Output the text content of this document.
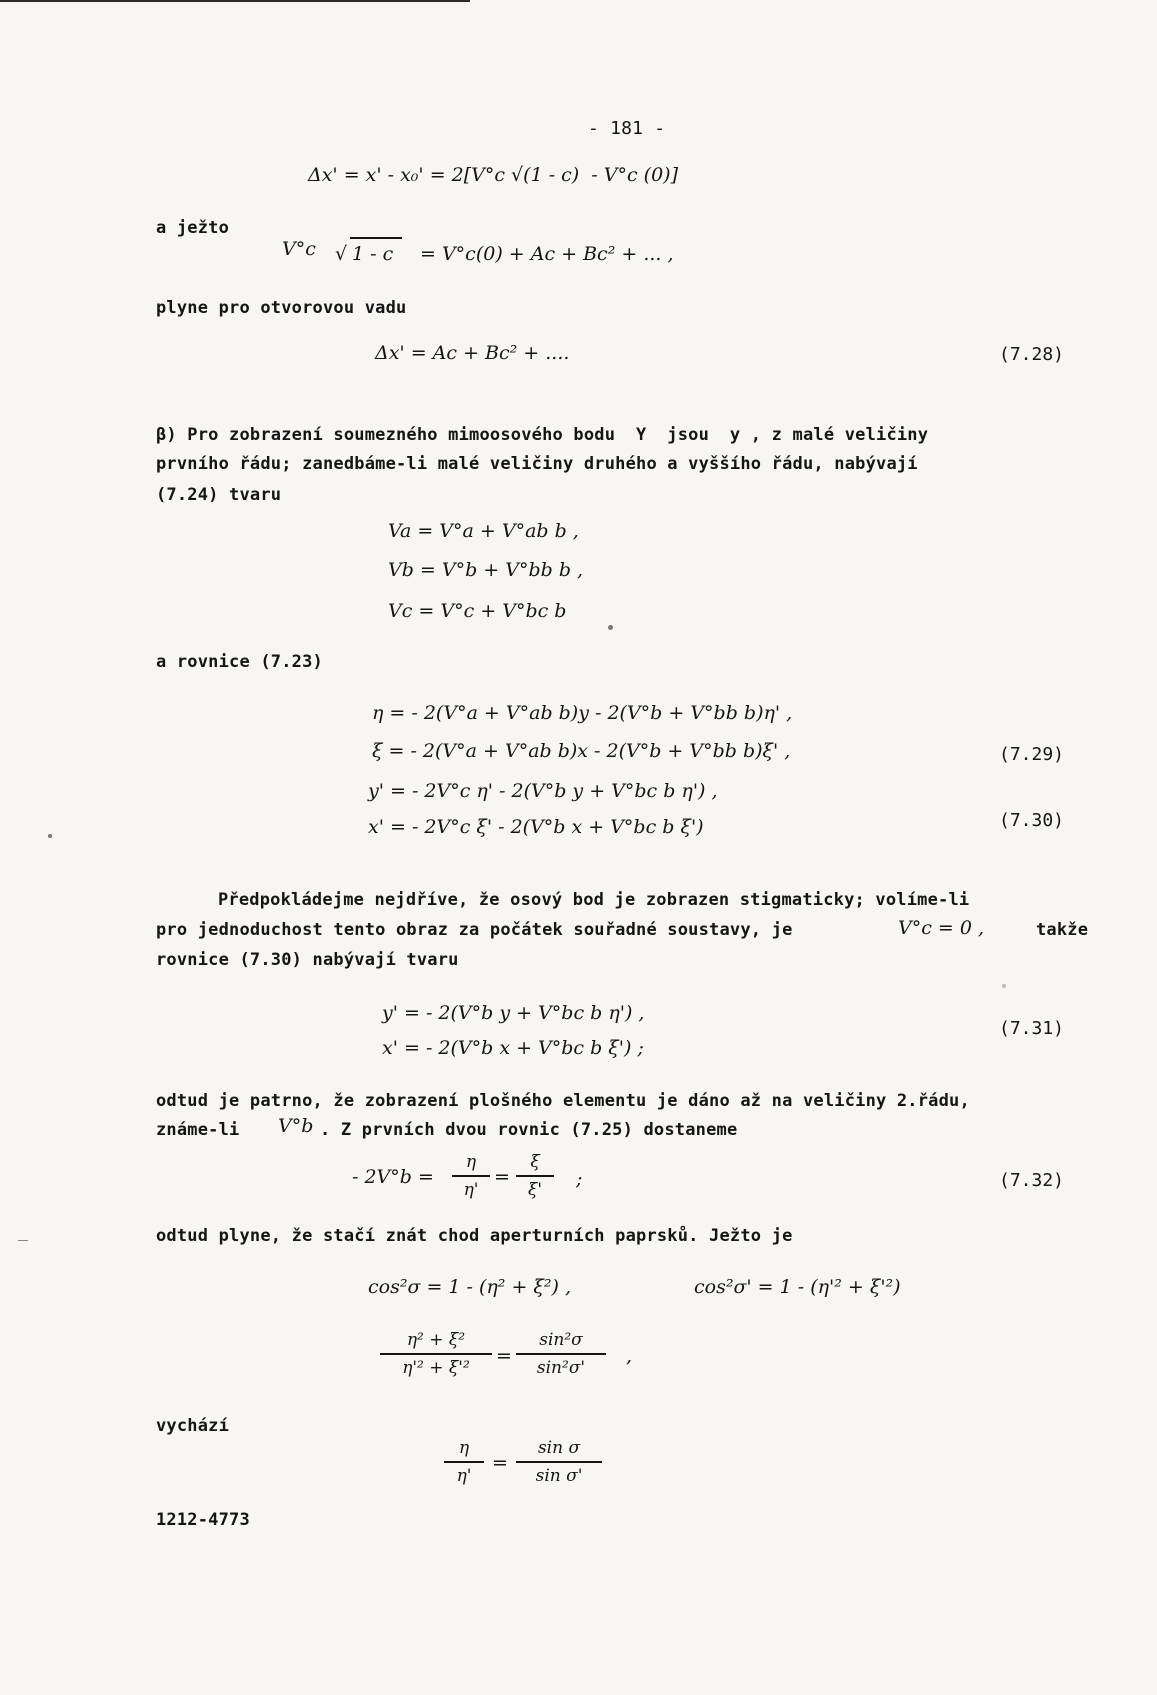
- 181 -
Δx' = x' - x₀' = 2[V°c √(1 - c)  - V°c (0)]
a ježto
V°c √ 1 - c = V°c(0) + Ac + Bc² + ... ,
plyne pro otvorovou vadu
Δx' = Ac + Bc² + ....	(7.28)
β) Pro zobrazení soumezného mimoosového bodu  Y  jsou  y , z malé veličiny
prvního řádu; zanedbáme-li malé veličiny druhého a vyššího řádu, nabývají
(7.24) tvaru
Va = V°a + V°ab b ,
Vb = V°b + V°bb b ,
Vc = V°c + V°bc b
a rovnice (7.23)
η = - 2(V°a + V°ab b)y - 2(V°b + V°bb b)η' ,
ξ = - 2(V°a + V°ab b)x - 2(V°b + V°bb b)ξ' ,	(7.29)
y' = - 2V°c η' - 2(V°b y + V°bc b η') ,
x' = - 2V°c ξ' - 2(V°b x + V°bc b ξ')	(7.30)
Předpokládejme nejdříve, že osový bod je zobrazen stigmaticky; volíme-li
pro jednoduchost tento obraz za počátek souřadné soustavy, je	V°c = 0 ,	takže
rovnice (7.30) nabývají tvaru
y' = - 2(V°b y + V°bc b η') ,
x' = - 2(V°b x + V°bc b ξ') ;
(7.31)
odtud je patrno, že zobrazení plošného elementu je dáno až na veličiny 2.řádu,
známe-li V°b . Z prvních dvou rovnic (7.25) dostaneme
- 2V°b =
η
η'
=
ξ
ξ'	;	(7.32)
odtud plyne, že stačí znát chod aperturních paprsků. Ježto je
cos²σ = 1 - (η² + ξ²) ,	cos²σ' = 1 - (η'² + ξ'²)
η² + ξ²
η'² + ξ'²
=
sin²σ
sin²σ'
,
vychází
η
η'
=
sin σ
sin σ'
1212-4773
